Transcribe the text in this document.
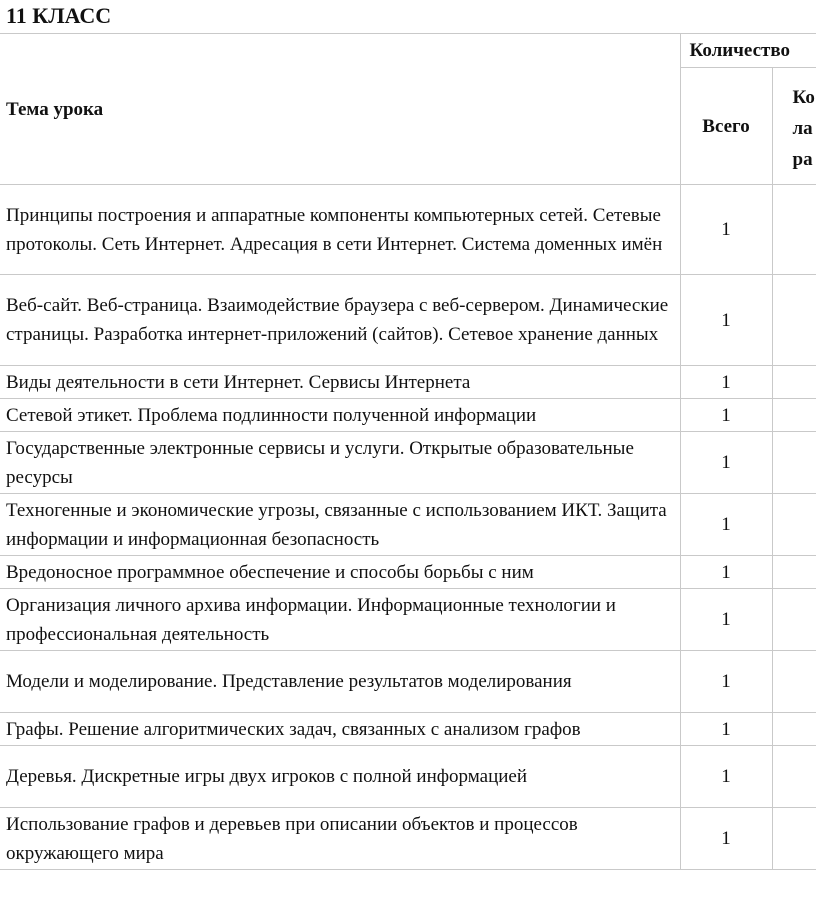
11 КЛАСС
Тема урока	Количество	
	Всего	Ко
ла
ра

Принципы построения и аппаратные компоненты компьютерных сетей. Сетевые протоколы. Сеть Интернет. Адресация в сети Интернет. Система доменных имён	1	
Веб-сайт. Веб-страница. Взаимодействие браузера с веб-сервером. Динамические страницы. Разработка интернет-приложений (сайтов). Сетевое хранение данных	1	
Виды деятельности в сети Интернет. Сервисы Интернета	1	
Сетевой этикет. Проблема подлинности полученной информации	1	
Государственные электронные сервисы и услуги. Открытые образовательные ресурсы	1	
Техногенные и экономические угрозы, связанные с использованием ИКТ. Защита информации и информационная безопасность	1	
Вредоносное программное обеспечение и способы борьбы с ним	1	
Организация личного архива информации. Информационные технологии и профессиональная деятельность	1	
Модели и моделирование. Представление результатов моделирования	1	
Графы. Решение алгоритмических задач, связанных с анализом графов	1	
Деревья. Дискретные игры двух игроков с полной информацией	1	
Использование графов и деревьев при описании объектов и процессов окружающего мира	1	
